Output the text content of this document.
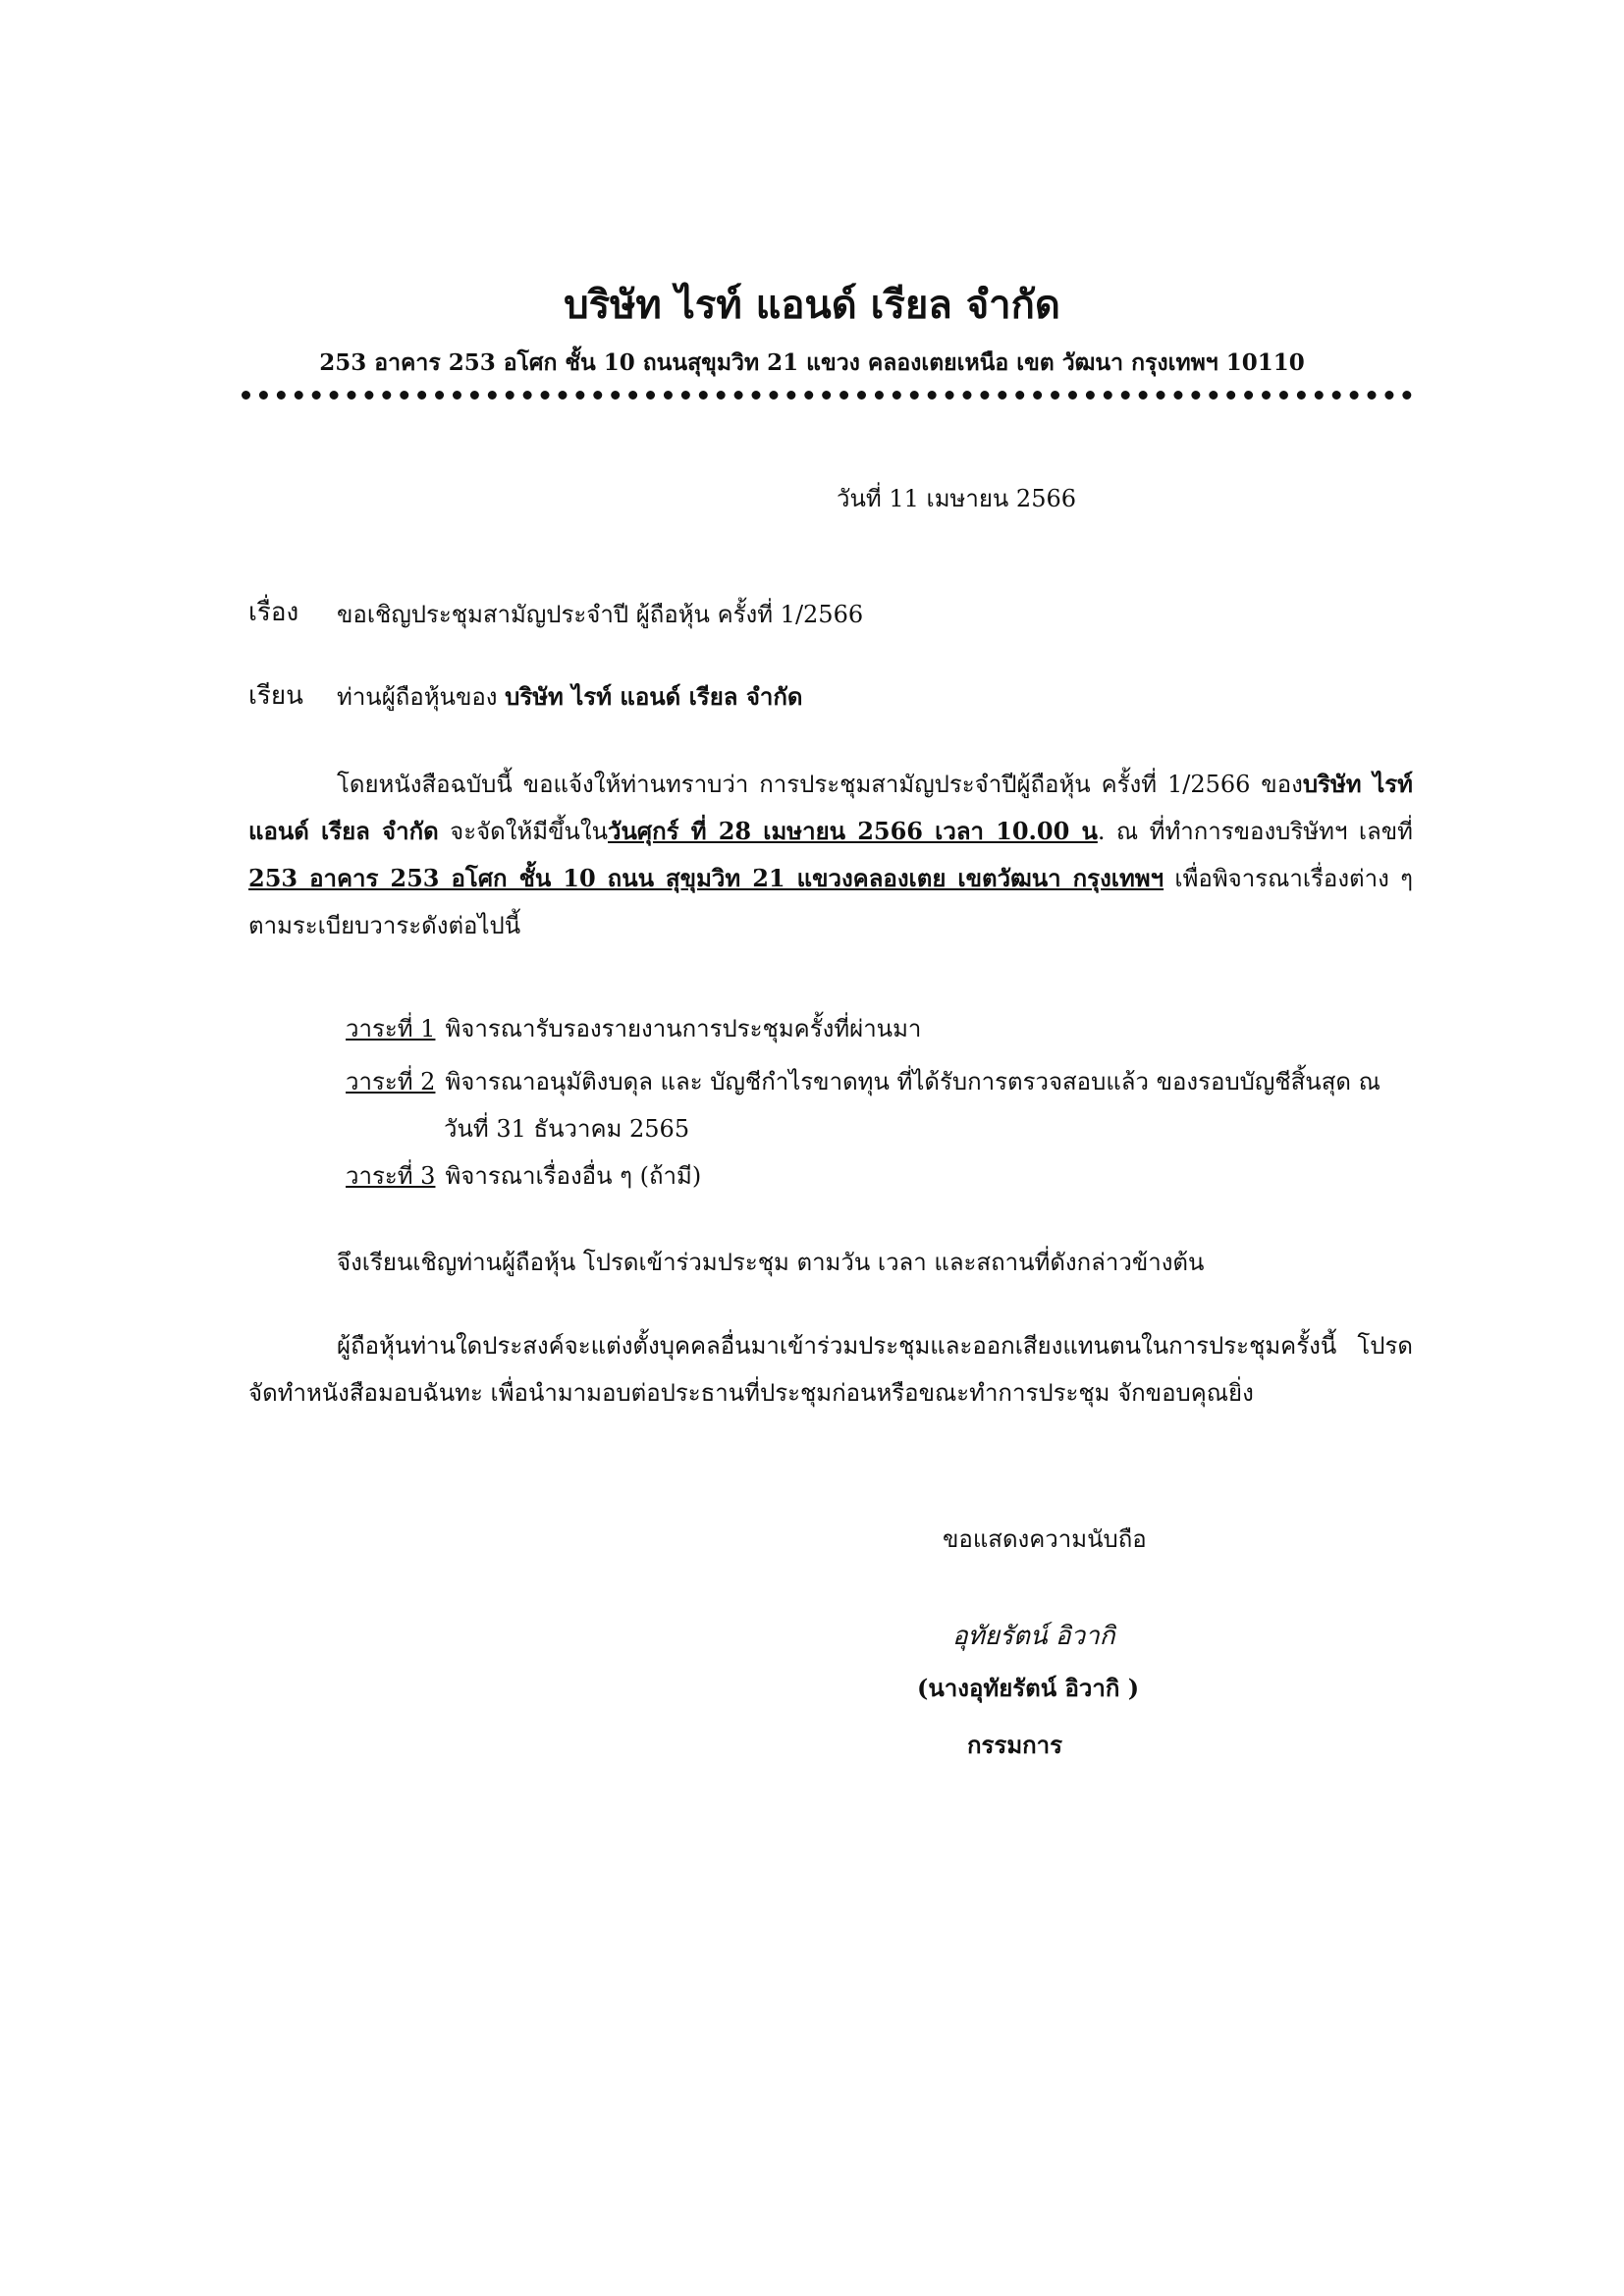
บริษัท ไรท์ แอนด์ เรียล จำกัด
253 อาคาร 253 อโศก ชั้น 10 ถนนสุขุมวิท 21 แขวง คลองเตยเหนือ เขต วัฒนา กรุงเทพฯ 10110
วันที่ 11 เมษายน 2566
เรื่อง ขอเชิญประชุมสามัญประจำปี ผู้ถือหุ้น ครั้งที่ 1/2566
เรียน ท่านผู้ถือหุ้นของ บริษัท ไรท์ แอนด์ เรียล จำกัด
โดยหนังสือฉบับนี้ ขอแจ้งให้ท่านทราบว่า การประชุมสามัญประจำปีผู้ถือหุ้น ครั้งที่ 1/2566 ของบริษัท ไรท์ แอนด์ เรียล จำกัด จะจัดให้มีขึ้นในวันศุกร์ ที่ 28 เมษายน 2566 เวลา 10.00 น. ณ ที่ทำการของบริษัทฯ เลขที่ 253 อาคาร 253 อโศก ชั้น 10 ถนน สุขุมวิท 21 แขวงคลองเตย เขตวัฒนา กรุงเทพฯ เพื่อพิจารณาเรื่องต่าง ๆ ตามระเบียบวาระดังต่อไปนี้
วาระที่ 1 พิจารณารับรองรายงานการประชุมครั้งที่ผ่านมา
วาระที่ 2 พิจารณาอนุมัติงบดุล และ บัญชีกำไรขาดทุน ที่ได้รับการตรวจสอบแล้ว ของรอบบัญชีสิ้นสุด ณ
วันที่ 31 ธันวาคม 2565
วาระที่ 3 พิจารณาเรื่องอื่น ๆ (ถ้ามี)
จึงเรียนเชิญท่านผู้ถือหุ้น โปรดเข้าร่วมประชุม ตามวัน เวลา และสถานที่ดังกล่าวข้างต้น
ผู้ถือหุ้นท่านใดประสงค์จะแต่งตั้งบุคคลอื่นมาเข้าร่วมประชุมและออกเสียงแทนตนในการประชุมครั้งนี้ โปรดจัดทำหนังสือมอบฉันทะ เพื่อนำมามอบต่อประธานที่ประชุมก่อนหรือขณะทำการประชุม จักขอบคุณยิ่ง
ขอแสดงความนับถือ
อุทัยรัตน์ อิวากิ
(นางอุทัยรัตน์ อิวากิ )
กรรมการ
